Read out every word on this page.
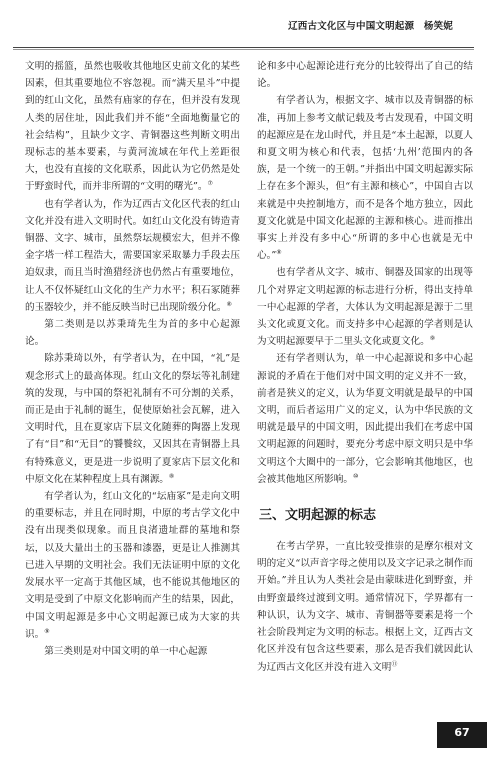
辽西古文化区与中国文明起源　杨笑妮

文明的摇篮，虽然也吸收其他地区史前文化的某些因素，但其重要地位不容忽视。而“满天星斗”中提到的红山文化，虽然有庙家的存在，但并没有发现人类的居住址，因此我们并不能“全面地衡量它的社会结构”，且缺少文字、青铜器这些判断文明出现标志的基本要素，与黄河流域在年代上差距很大，也没有直接的文化联系，因此认为它仍然是处于野蛮时代，而并非所谓的“文明的曙光”。⑦

也有学者认为，作为辽西古文化区代表的红山文化并没有进入文明时代。如红山文化没有铸造青铜器、文字、城市，虽然祭坛规模宏大，但并不像金字塔一样工程浩大，需要国家采取暴力手段去压迫奴隶，而且当时渔猎经济也仍然占有重要地位，让人不仅怀疑红山文化的生产力水平；积石冢随葬的玉器较少，并不能反映当时已出现阶级分化。⑧

第二类则是以苏秉琦先生为首的多中心起源论。

除苏秉琦以外，有学者认为，在中国，“礼”是观念形式上的最高体现。红山文化的祭坛等礼制建筑的发现，与中国的祭祀礼制有不可分割的关系，而正是由于礼制的诞生，促使原始社会瓦解，进入文明时代，且在夏家店下层文化随葬的陶器上发现了有“目”和“无目”的饕餮纹，又因其在青铜器上具有特殊意义，更是进一步说明了夏家店下层文化和中原文化在某种程度上具有渊源。⑧

有学者认为，红山文化的“坛庙冢”是走向文明的重要标志，并且在同时期，中原的考古学文化中没有出现类似现象。而且良渚遗址群的墓地和祭坛，以及大量出土的玉器和漆器，更是让人推测其已进入早期的文明社会。我们无法证明中原的文化发展水平一定高于其他区域，也不能说其他地区的文明是受到了中原文化影响而产生的结果，因此，中国文明起源是多中心文明起源已成为大家的共识。⑨

第三类则是对中国文明的单一中心起源

论和多中心起源论进行充分的比较得出了自己的结论。

有学者认为，根据文字、城市以及青铜器的标准，再加上参考文献记载及考古发现看，中国文明的起源应是在龙山时代，并且是“本土起源，以夏人和夏文明为核心和代表，包括‘九州’范围内的各族，是一个统一的王朝。”并指出中国文明起源实际上存在多个源头，但“有主源和核心”，中国自古以来就是中央控制地方，而不是各个地方独立，因此夏文化就是中国文化起源的主源和核心。进而推出事实上并没有多中心“所谓的多中心也就是无中心。”⑧

也有学者从文字、城市、铜器及国家的出现等几个对界定文明起源的标志进行分析，得出支持单一中心起源的学者，大体认为文明起源是源于二里头文化或夏文化。而支持多中心起源的学者则是认为文明起源要早于二里头文化或夏文化。⑨

还有学者则认为，单一中心起源说和多中心起源说的矛盾在于他们对中国文明的定义并不一致，前者是狭义的定义，认为华夏文明就是最早的中国文明，而后者运用广义的定义，认为中华民族的文明就是最早的中国文明，因此提出我们在考虑中国文明起源的问题时，要充分考虑中原文明只是中华文明这个大圈中的一部分，它会影响其他地区，也会被其他地区所影响。⑩

三、文明起源的标志

在考古学界，一直比较受推崇的是摩尔根对文明的定义“以声音字母之使用以及文字记录之制作而开始。”并且认为人类社会是由蒙昧进化到野蛮，并由野蛮最终过渡到文明。通常情况下，学界都有一种认识，认为文字、城市、青铜器等要素是将一个社会阶段判定为文明的标志。根据上文，辽西古文化区并没有包含这些要素，那么是否我们就因此认为辽西古文化区并没有进入文明⑪

67
